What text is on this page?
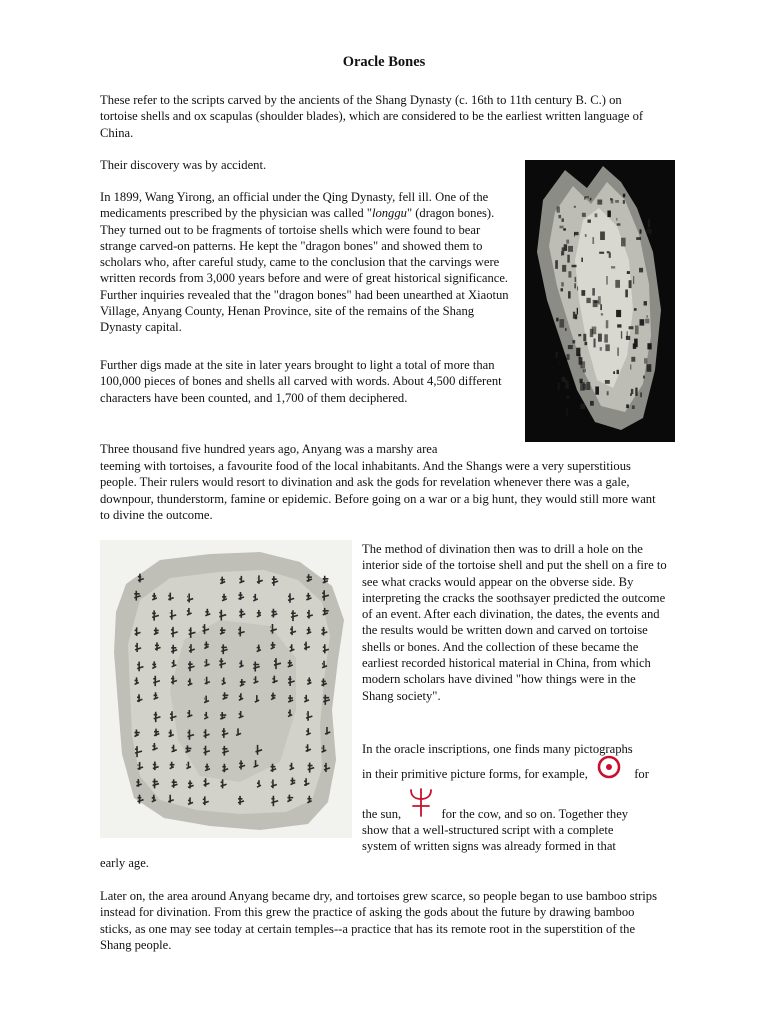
Oracle Bones

These refer to the scripts carved by the ancients of the Shang Dynasty (c. 16th to 11th century B. C.) on tortoise shells and ox scapulas (shoulder blades), which are considered to be the earliest written language of China.

Their discovery was by accident.

In 1899, Wang Yirong, an official under the Qing Dynasty, fell ill. One of the medicaments prescribed by the physician was called "longgu" (dragon bones). They turned out to be fragments of tortoise shells which were found to bear strange carved-on patterns. He kept the "dragon bones" and showed them to scholars who, after careful study, came to the conclusion that the carvings were written records from 3,000 years before and were of great historical significance. Further inquiries revealed that the "dragon bones" had been unearthed at Xiaotun Village, Anyang County, Henan Province, site of the remains of the Shang Dynasty capital.

Further digs made at the site in later years brought to light a total of more than 100,000 pieces of bones and shells all carved with words. About 4,500 different characters have been counted, and 1,700 of them deciphered.

Three thousand five hundred years ago, Anyang was a marshy area

teeming with tortoises, a favourite food of the local inhabitants. And the Shangs were a very superstitious people. Their rulers would resort to divination and ask the gods for revelation whenever there was a gale, downpour, thunderstorm, famine or epidemic. Before going on a war or a big hunt, they would still more want to divine the outcome.

The method of divination then was to drill a hole on the interior side of the tortoise shell and put the shell on a fire to see what cracks would appear on the obverse side. By interpreting the cracks the soothsayer predicted the outcome of an event. After each divination, the dates, the events and the results would be written down and carved on tortoise shells or bones. And the collection of these became the earliest recorded historical material in China, from which modern scholars have divined "how things were in the Shang society".

In the oracle inscriptions, one finds many pictographs

in their primitive picture forms, for example,	for

the sun,	for the cow, and so on. Together they

show that a well-structured script with a complete

system of written signs was already formed in that

early age.

Later on, the area around Anyang became dry, and tortoises grew scarce, so people began to use bamboo strips instead for divination. From this grew the practice of asking the gods about the future by drawing bamboo sticks, as one may see today at certain temples--a practice that has its remote root in the superstition of the Shang people.
